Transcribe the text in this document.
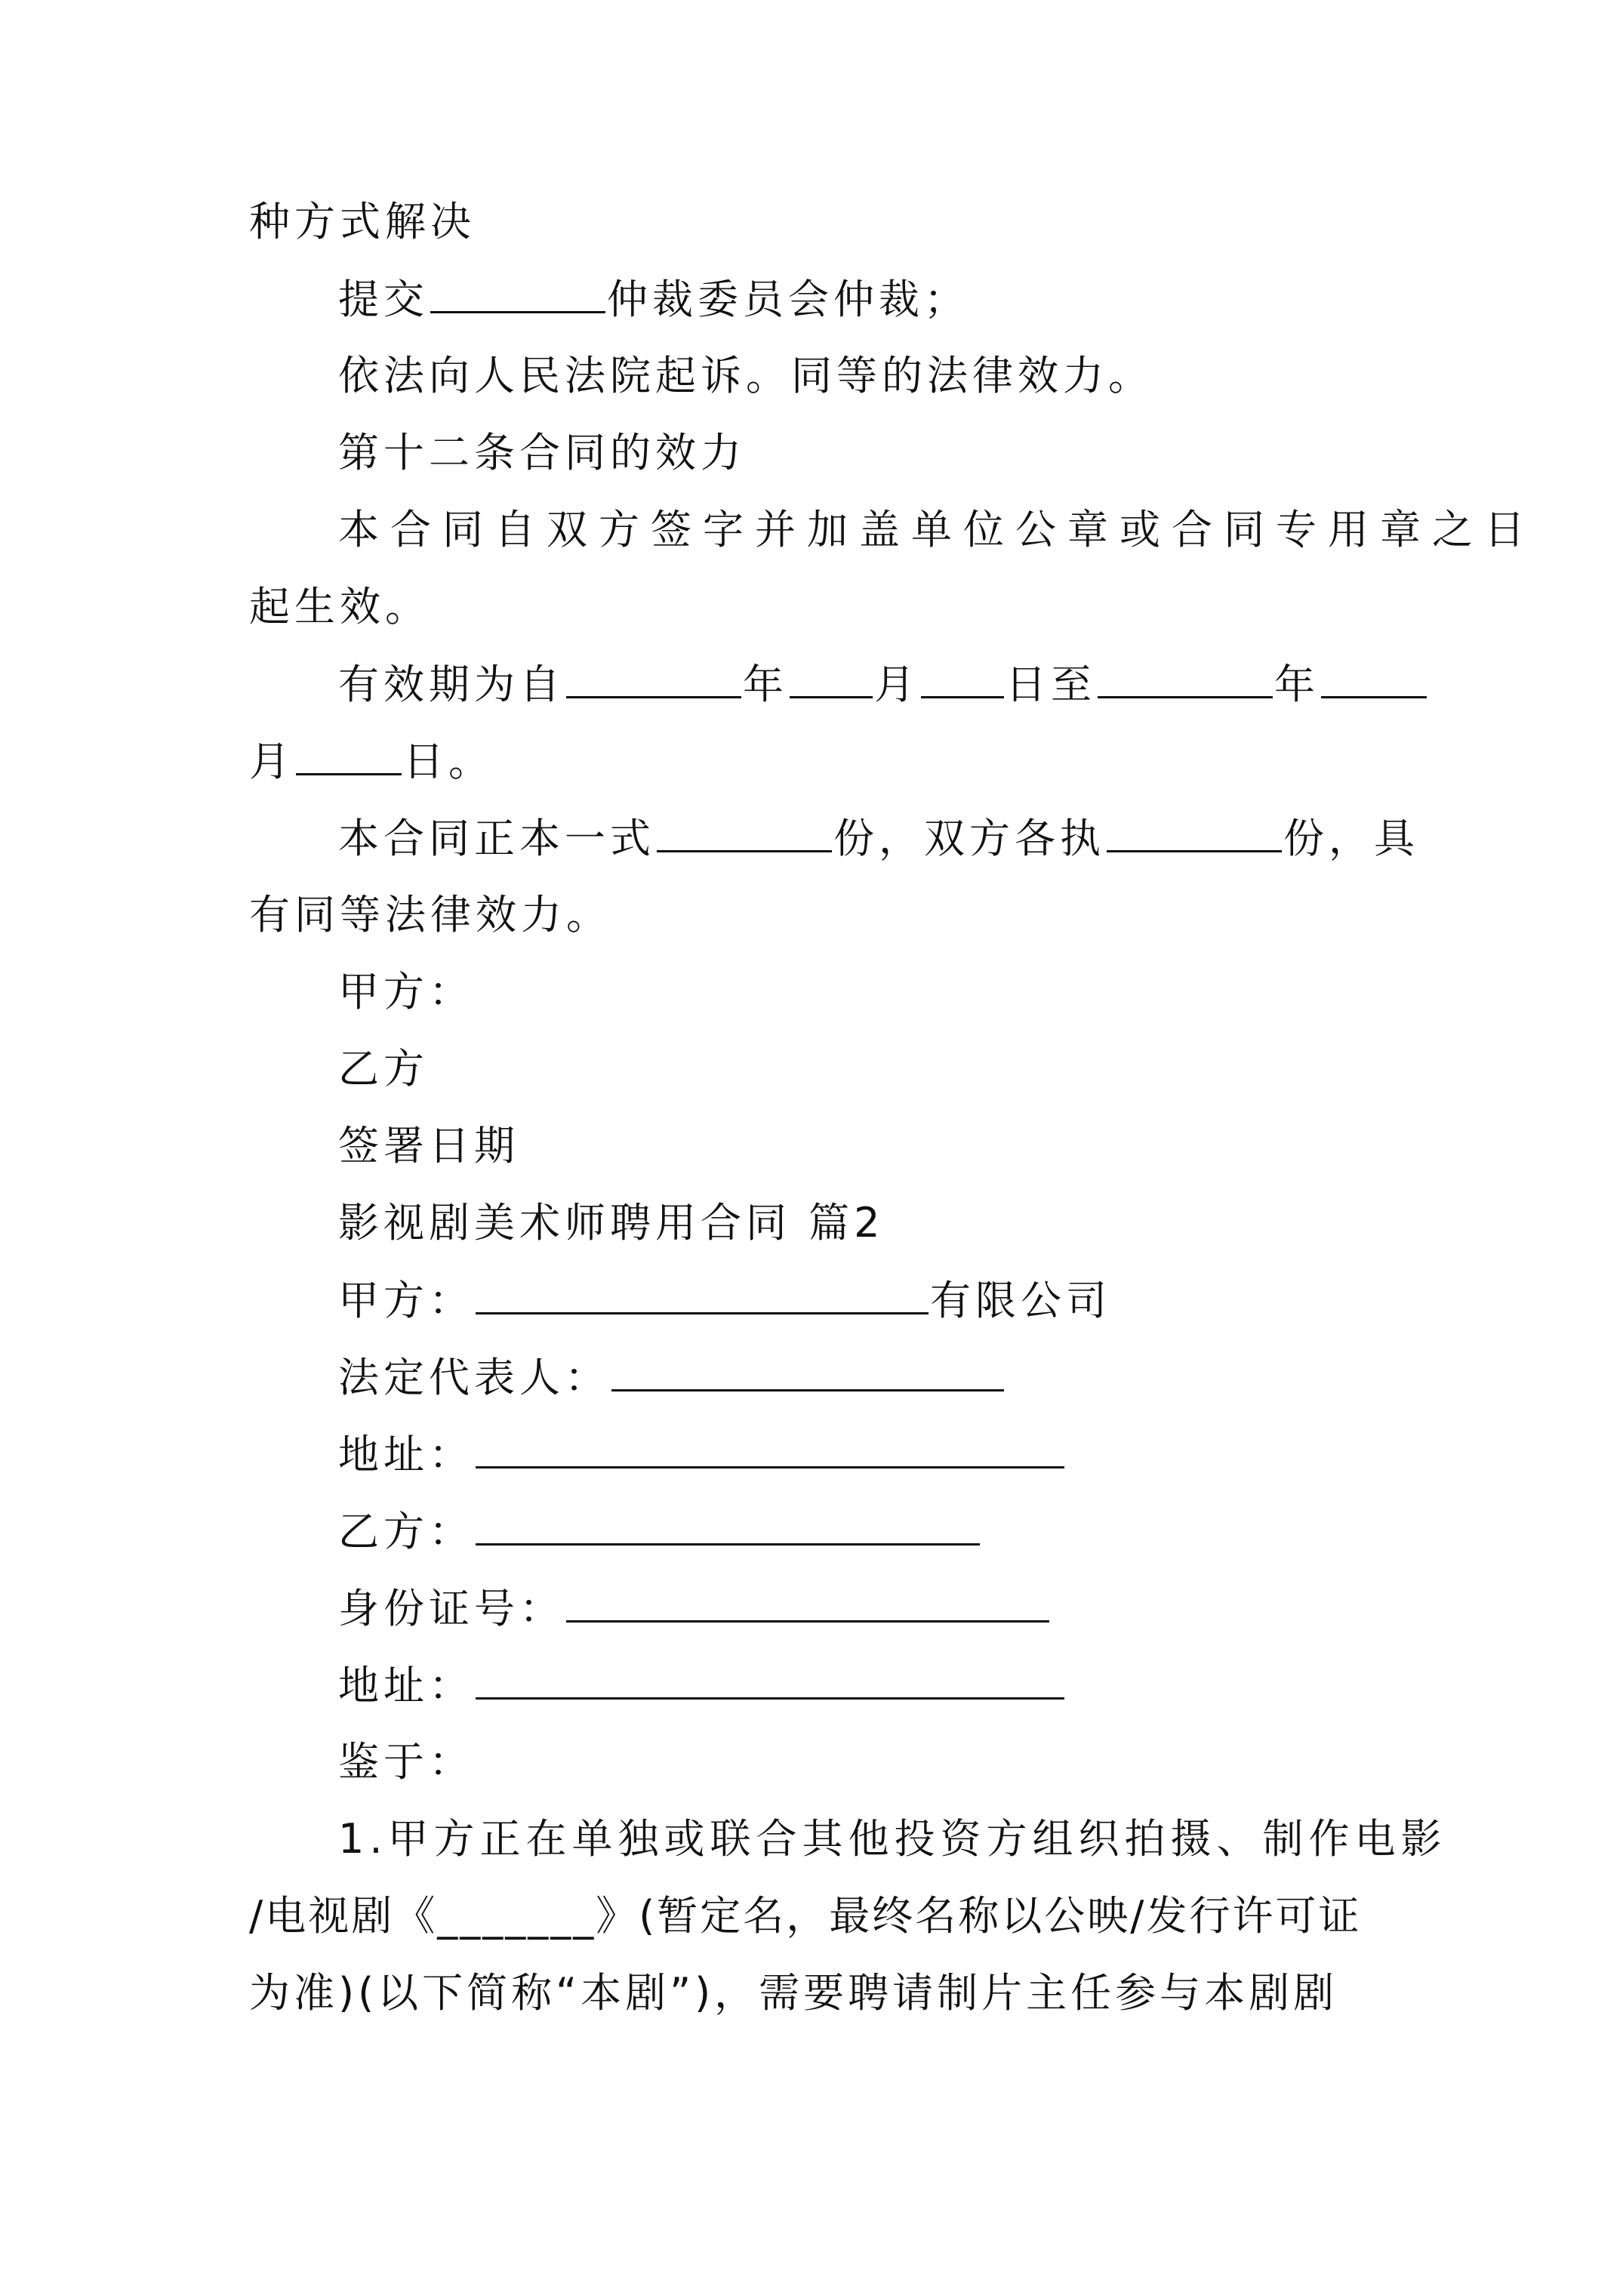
种方式解决
提交	仲裁委员会仲裁；
依法向人民法院起诉。同等的法律效力。
第十二条合同的效力
本合同自双方签字并加盖单位公章或合同专用章之日
起生效。
有效期为自	年 月 日至	年
月	日。
本合同正本一式	份，双方各执	份，具
有同等法律效力。
甲方：
乙方
签署日期
影视剧美术师聘用合同 篇2
甲方：	有限公司
法定代表人：
地址：
乙方：
身份证号：
地址：
鉴于：
1.甲方正在单独或联合其他投资方组织拍摄、制作电影
/电视剧《_______》(暂定名，最终名称以公映/发行许可证
为准)(以下简称“本剧”)，需要聘请制片主任参与本剧剧
